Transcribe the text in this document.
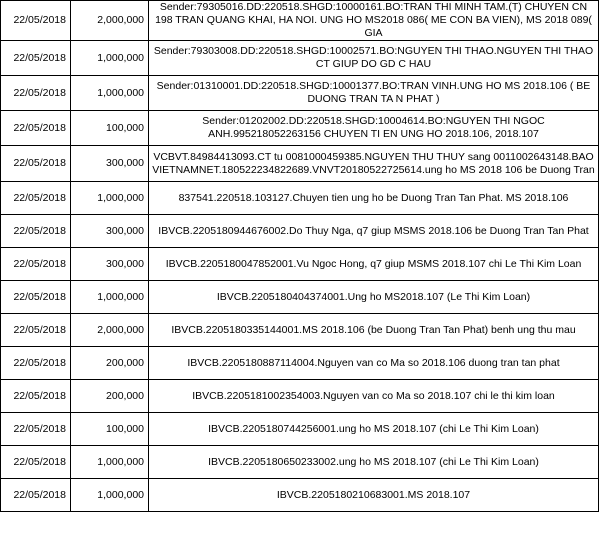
22/05/2018	2,000,000	Sender:79305016.DD:220518.SHGD:10000161.BO:TRAN THI MINH TAM.(T) CHUYEN CN 198 TRAN QUANG KHAI, HA NOI. UNG HO MS2018 086( ME CON BA VIEN), MS 2018 089( GIA
22/05/2018	1,000,000	Sender:79303008.DD:220518.SHGD:10002571.BO:NGUYEN THI THAO.NGUYEN THI THAO CT GIUP DO GD C HAU
22/05/2018	1,000,000	Sender:01310001.DD:220518.SHGD:10001377.BO:TRAN VINH.UNG HO MS 2018.106 ( BE DUONG TRAN TA N PHAT )
22/05/2018	100,000	Sender:01202002.DD:220518.SHGD:10004614.BO:NGUYEN THI NGOC ANH.995218052263156 CHUYEN TI EN UNG HO 2018.106, 2018.107
22/05/2018	300,000	VCBVT.84984413093.CT tu 0081000459385.NGUYEN THU THUY sang 0011002643148.BAO VIETNAMNET.180522234822689.VNVT20180522725614.ung ho MS 2018 106 be Duong Tran
22/05/2018	1,000,000	837541.220518.103127.Chuyen tien ung ho be Duong Tran Tan Phat. MS 2018.106
22/05/2018	300,000	IBVCB.2205180944676002.Do Thuy Nga, q7 giup MSMS 2018.106 be Duong Tran Tan Phat
22/05/2018	300,000	IBVCB.2205180047852001.Vu Ngoc Hong, q7 giup MSMS 2018.107 chi Le Thi Kim Loan
22/05/2018	1,000,000	IBVCB.2205180404374001.Ung ho MS2018.107 (Le Thi Kim Loan)
22/05/2018	2,000,000	IBVCB.2205180335144001.MS 2018.106 (be Duong Tran Tan Phat) benh ung thu mau
22/05/2018	200,000	IBVCB.2205180887114004.Nguyen van co Ma so 2018.106 duong tran tan phat
22/05/2018	200,000	IBVCB.2205181002354003.Nguyen van co Ma so 2018.107 chi le thi kim loan
22/05/2018	100,000	IBVCB.2205180744256001.ung ho MS 2018.107 (chi Le Thi Kim Loan)
22/05/2018	1,000,000	IBVCB.2205180650233002.ung ho MS 2018.107 (chi Le Thi Kim Loan)
22/05/2018	1,000,000	IBVCB.2205180210683001.MS 2018.107
